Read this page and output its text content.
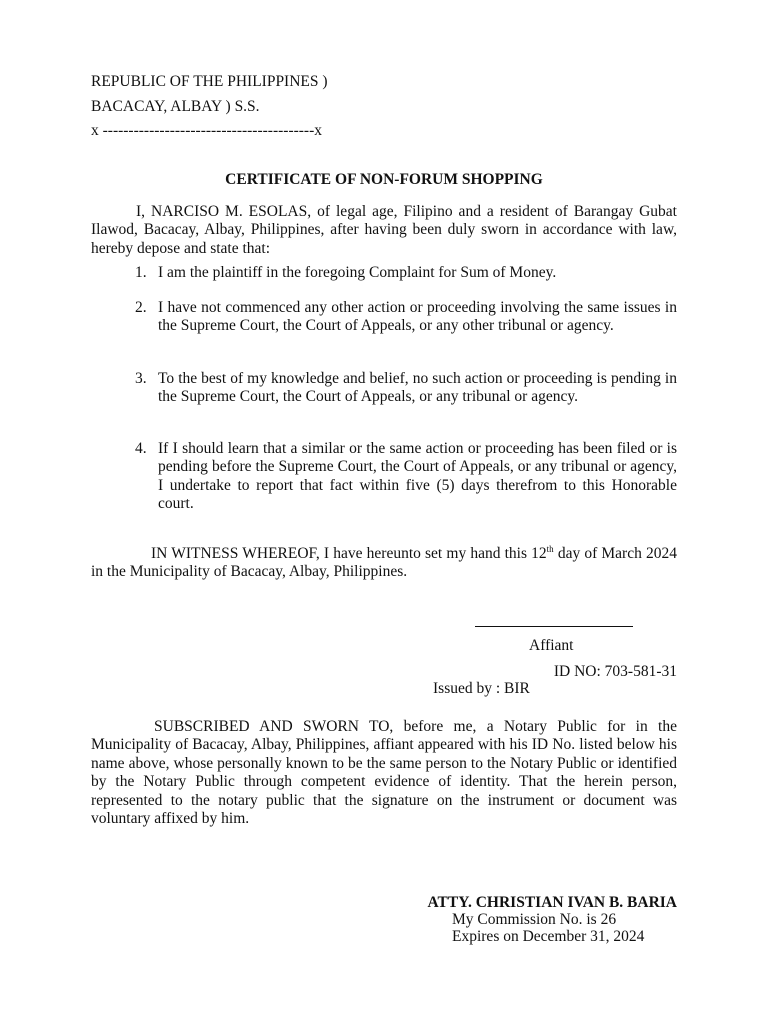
REPUBLIC OF THE PHILIPPINES )
BACACAY, ALBAY ) S.S.
x -----------------------------------------x
CERTIFICATE OF NON-FORUM SHOPPING
I, NARCISO M. ESOLAS, of legal age, Filipino and a resident of Barangay Gubat Ilawod, Bacacay, Albay, Philippines, after having been duly sworn in accordance with law, hereby depose and state that:
1. I am the plaintiff in the foregoing Complaint for Sum of Money.
2. I have not commenced any other action or proceeding involving the same issues in the Supreme Court, the Court of Appeals, or any other tribunal or agency.
3. To the best of my knowledge and belief, no such action or proceeding is pending in the Supreme Court, the Court of Appeals, or any tribunal or agency.
4. If I should learn that a similar or the same action or proceeding has been filed or is pending before the Supreme Court, the Court of Appeals, or any tribunal or agency, I undertake to report that fact within five (5) days therefrom to this Honorable court.
IN WITNESS WHEREOF, I have hereunto set my hand this 12th day of March 2024 in the Municipality of Bacacay, Albay, Philippines.
Affiant
ID NO: 703-581-31
Issued by : BIR
SUBSCRIBED AND SWORN TO, before me, a Notary Public for in the Municipality of Bacacay, Albay, Philippines, affiant appeared with his ID No. listed below his name above, whose personally known to be the same person to the Notary Public or identified by the Notary Public through competent evidence of identity. That the herein person, represented to the notary public that the signature on the instrument or document was voluntary affixed by him.
ATTY. CHRISTIAN IVAN B. BARIA
My Commission No. is 26
Expires on December 31, 2024
